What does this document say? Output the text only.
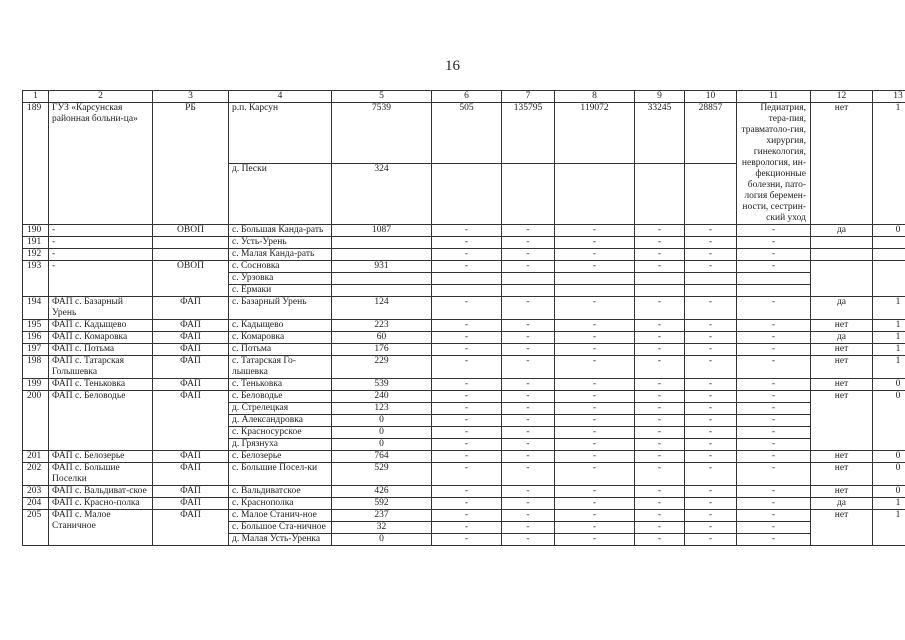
16
1	2	3	4	5	6	7	8	9	10	11	12	13
189	ГУЗ «Карсунская районная больни-ца»	РБ	р.п. Карсун	7539	505	135795	119072	33245	28857	Педиатрия, тера-пия, травматоло-гия, хирургия, гинекология, неврология, ин-фекционные болезни, пато-логия беремен-ности, сестрин-ский уход	нет	1
			д. Пески	324								
190	-	ОВОП	с. Большая Канда-рать	1087	-	-	-	-	-	-	да	0
191	-		с. Усть-Урень		-	-	-	-	-	-		
192	-		с. Малая Канда-рать		-	-	-	-	-	-		
193	-	ОВОП	с. Сосновка	931	-	-	-	-	-	-		
			с. Урзовка									
			с. Ермаки									
194	ФАП с. Базарный Урень	ФАП	с. Базарный Урень	124	-	-	-	-	-	-	да	1
195	ФАП с. Кадыщево	ФАП	с. Кадыщево	223	-	-	-	-	-	-	нет	1
196	ФАП с. Комаровка	ФАП	с. Комаровка	60	-	-	-	-	-	-	да	1
197	ФАП с. Потьма	ФАП	с. Потьма	176	-	-	-	-	-	-	нет	1
198	ФАП с. Татарская Голышевка	ФАП	с. Татарская Го-лышевка	229	-	-	-	-	-	-	нет	1
199	ФАП с. Теньковка	ФАП	с. Теньковка	539	-	-	-	-	-	-	нет	0
200	ФАП с. Беловодье	ФАП	с. Беловодье	240	-	-	-	-	-	-	нет	0
			д. Стрелецкая	123	-	-	-	-	-	-		
			д. Александровка	0	-	-	-	-	-	-		
			с. Красносурское	0	-	-	-	-	-	-		
			д. Грязнуха	0	-	-	-	-	-	-		
201	ФАП с. Белозерье	ФАП	с. Белозерье	764	-	-	-	-	-	-	нет	0
202	ФАП с. Большие Поселки	ФАП	с. Большие Посел-ки	529	-	-	-	-	-	-	нет	0
203	ФАП с. Вальдиват-ское	ФАП	с. Вальдиватское	426	-	-	-	-	-	-	нет	0
204	ФАП с. Красно-полка	ФАП	с. Краснополка	592	-	-	-	-	-	-	да	1
205	ФАП с. Малое Станичное	ФАП	с. Малое Станич-ное	237	-	-	-	-	-	-	нет	1
			с. Большое Ста-ничное	32	-	-	-	-	-	-		
			д. Малая Усть-Уренка	0	-	-	-	-	-	-		
